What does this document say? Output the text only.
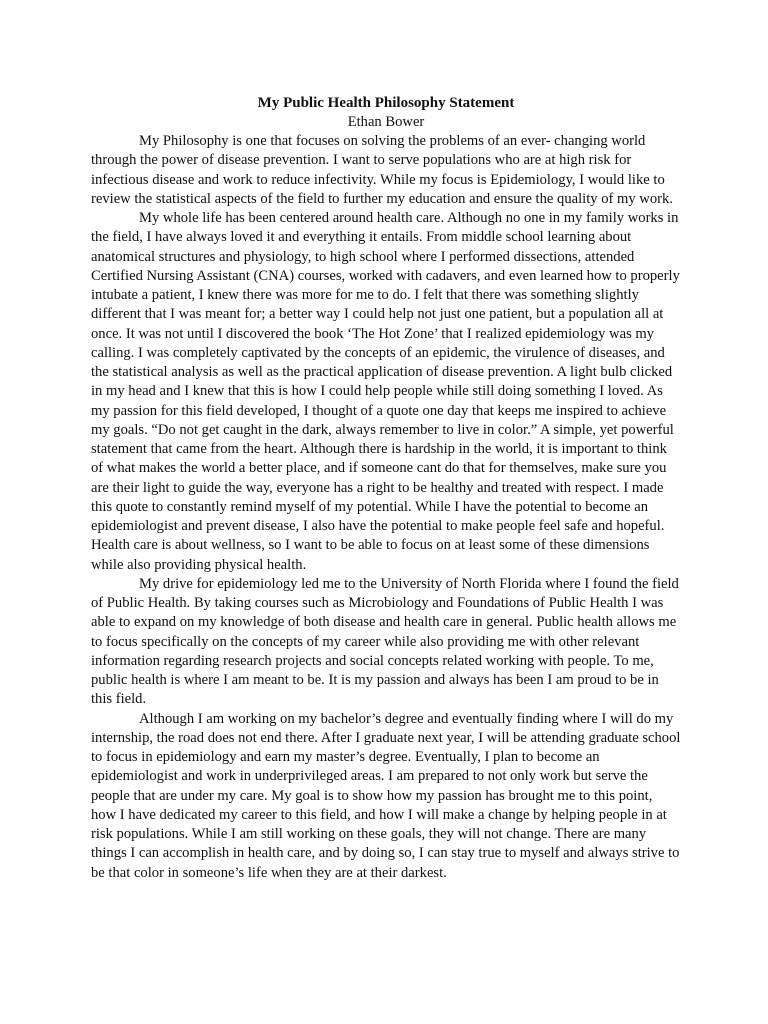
My Public Health Philosophy Statement

Ethan Bower

My Philosophy is one that focuses on solving the problems of an ever- changing world through the power of disease prevention. I want to serve populations who are at high risk for infectious disease and work to reduce infectivity. While my focus is Epidemiology, I would like to review the statistical aspects of the field to further my education and ensure the quality of my work.

My whole life has been centered around health care. Although no one in my family works in the field, I have always loved it and everything it entails. From middle school learning about anatomical structures and physiology, to high school where I performed dissections, attended Certified Nursing Assistant (CNA) courses, worked with cadavers, and even learned how to properly intubate a patient, I knew there was more for me to do. I felt that there was something slightly different that I was meant for; a better way I could help not just one patient, but a population all at once. It was not until I discovered the book ‘The Hot Zone’ that I realized epidemiology was my calling. I was completely captivated by the concepts of an epidemic, the virulence of diseases, and the statistical analysis as well as the practical application of disease prevention. A light bulb clicked in my head and I knew that this is how I could help people while still doing something I loved. As my passion for this field developed, I thought of a quote one day that keeps me inspired to achieve my goals. “Do not get caught in the dark, always remember to live in color.” A simple, yet powerful statement that came from the heart. Although there is hardship in the world, it is important to think of what makes the world a better place, and if someone cant do that for themselves, make sure you are their light to guide the way, everyone has a right to be healthy and treated with respect. I made this quote to constantly remind myself of my potential. While I have the potential to become an epidemiologist and prevent disease, I also have the potential to make people feel safe and hopeful. Health care is about wellness, so I want to be able to focus on at least some of these dimensions while also providing physical health.

My drive for epidemiology led me to the University of North Florida where I found the field of Public Health. By taking courses such as Microbiology and Foundations of Public Health I was able to expand on my knowledge of both disease and health care in general. Public health allows me to focus specifically on the concepts of my career while also providing me with other relevant information regarding research projects and social concepts related working with people. To me, public health is where I am meant to be. It is my passion and always has been I am proud to be in this field.

Although I am working on my bachelor’s degree and eventually finding where I will do my internship, the road does not end there. After I graduate next year, I will be attending graduate school to focus in epidemiology and earn my master’s degree. Eventually, I plan to become an epidemiologist and work in underprivileged areas. I am prepared to not only work but serve the people that are under my care. My goal is to show how my passion has brought me to this point, how I have dedicated my career to this field, and how I will make a change by helping people in at risk populations. While I am still working on these goals, they will not change. There are many things I can accomplish in health care, and by doing so, I can stay true to myself and always strive to be that color in someone’s life when they are at their darkest.
